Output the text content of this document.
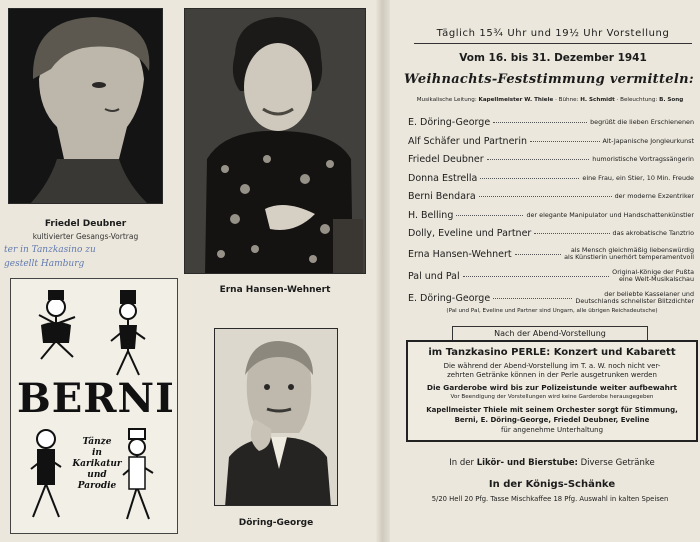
Friedel Deubner
kultivierter Gesangs-Vortrag
ter in Tanzkasino zu
gestellt Hamburg
Erna Hansen-Wehnert
BERNI
Tänze
in
Karikatur
und
Parodie
Döring-George
Täglich 15¾ Uhr und 19½ Uhr Vorstellung
Vom 16. bis 31. Dezember 1941
Weihnachts-Feststimmung vermitteln:
Musikalische Leitung: Kapellmeister W. Thiele · Bühne: H. Schmidt · Beleuchtung: B. Song
E. Döring-George	begrüßt die lieben Erschienenen
Alf Schäfer und Partnerin	Alt-Japanische Jongleurkunst
Friedel Deubner	humoristische Vortragssängerin
Donna Estrella	eine Frau, ein Stier, 10 Min. Freude
Berni Bendara	der moderne Exzentriker
H. Belling	der elegante Manipulator und Handschattenkünstler
Dolly, Eveline und Partner	das akrobatische Tanztrio
Erna Hansen-Wehnert	als Mensch gleichmäßig liebenswürdig
als Künstlerin unerhört temperamentvoll
Pal und Pal	Original-Könige der Pußta
eine Welt-Musikalschau
E. Döring-George	der beliebte Kasselaner und
Deutschlands schnellster Blitzdichter
(Pal und Pal, Eveline und Partner sind Ungarn, alle übrigen Reichsdeutsche)
Nach der Abend-Vorstellung
im Tanzkasino PERLE: Konzert und Kabarett
Die während der Abend-Vorstellung im T. a. W. noch nicht ver-
zehrten Getränke können in der Perle ausgetrunken werden
Die Garderobe wird bis zur Polizeistunde weiter aufbewahrt
Vor Beendigung der Vorstellungen wird keine Garderobe herausgegeben
Kapellmeister Thiele mit seinem Orchester sorgt für Stimmung,
Berni, E. Döring-George, Friedel Deubner, Eveline
für angenehme Unterhaltung
In der Likör- und Bierstube: Diverse Getränke
In der Königs-Schänke
5/20 Hell 20 Pfg. Tasse Mischkaffee 18 Pfg. Auswahl in kalten Speisen
